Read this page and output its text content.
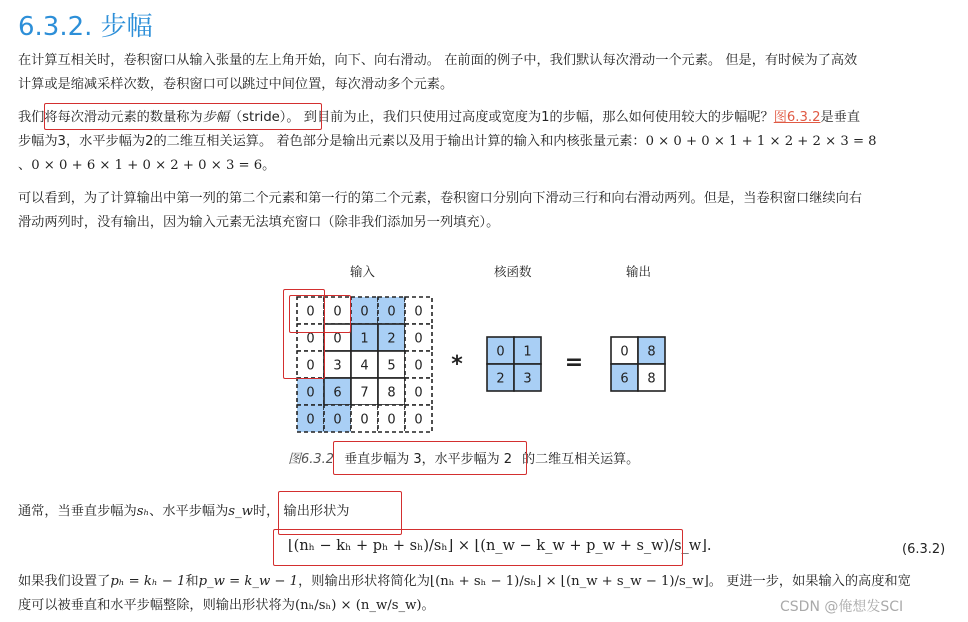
6.3.2. 步幅
在计算互相关时，卷积窗口从输入张量的左上角开始，向下、向右滑动。 在前面的例子中，我们默认每次滑动一个元素。 但是，有时候为了高效
计算或是缩减采样次数，卷积窗口可以跳过中间位置，每次滑动多个元素。
我们将每次滑动元素的数量称为步幅（stride）。 到目前为止，我们只使用过高度或宽度为1的步幅，那么如何使用较大的步幅呢？图6.3.2是垂直
步幅为3，水平步幅为2的二维互相关运算。 着色部分是输出元素以及用于输出计算的输入和内核张量元素：0 × 0 + 0 × 1 + 1 × 2 + 2 × 3 = 8
、0 × 0 + 6 × 1 + 0 × 2 + 0 × 3 = 6。
可以看到，为了计算输出中第一列的第二个元素和第一行的第二个元素，卷积窗口分别向下滑动三行和向右滑动两列。但是，当卷积窗口继续向右
滑动两列时，没有输出，因为输入元素无法填充窗口（除非我们添加另一列填充）。
输入	核函数	输出
0 0 0 0 0
0 0 1 2 0
0 3 4 5 0
0 6 7 8 0
0 0 0 0 0
0 1
2 3
0 8
6 8
*	=
图6.3.2 垂直步幅为 3，水平步幅为 2 的二维互相关运算。
通常，当垂直步幅为sₕ、水平步幅为s_w时， 输出形状为
⌊(nₕ − kₕ + pₕ + sₕ)/sₕ⌋ × ⌊(n_w − k_w + p_w + s_w)/s_w⌋.	(6.3.2)
如果我们设置了pₕ = kₕ − 1和p_w = k_w − 1，则输出形状将简化为⌊(nₕ + sₕ − 1)/sₕ⌋ × ⌊(n_w + s_w − 1)/s_w⌋。 更进一步，如果输入的高度和宽
度可以被垂直和水平步幅整除，则输出形状将为(nₕ/sₕ) × (n_w/s_w)。	CSDN @俺想发SCI
